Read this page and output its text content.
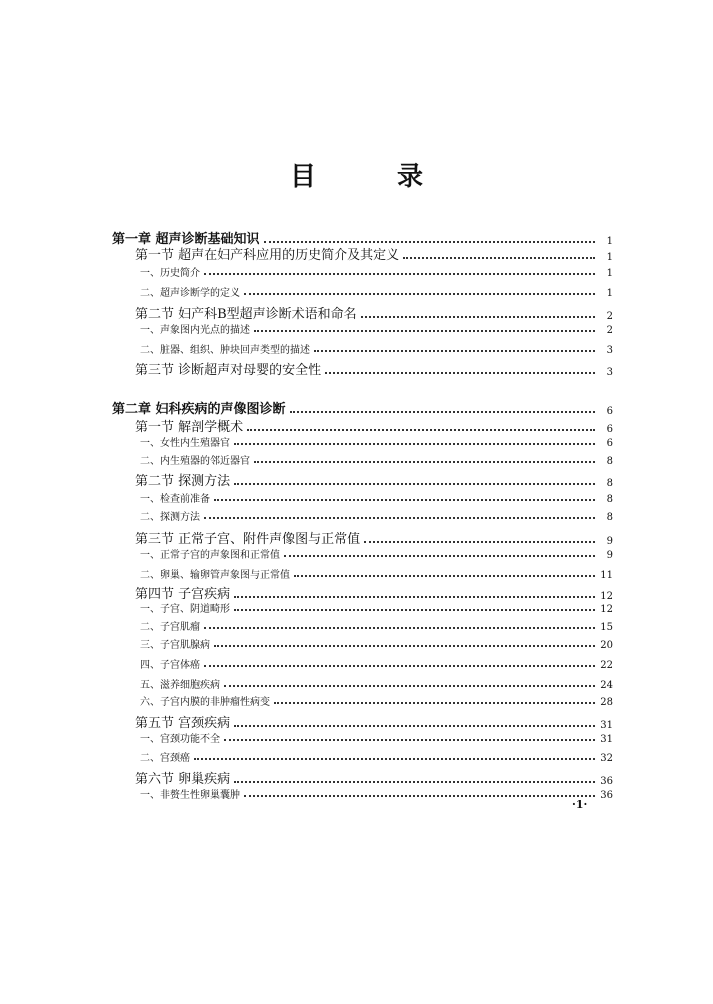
目 录
第一章 超声诊断基础知识	1
第一节 超声在妇产科应用的历史简介及其定义	1
一、历史简介	1
二、超声诊断学的定义	1
第二节 妇产科B型超声诊断术语和命名	2
一、声象图内光点的描述	2
二、脏器、组织、肿块回声类型的描述	3
第三节 诊断超声对母婴的安全性	3
第二章 妇科疾病的声像图诊断	6
第一节 解剖学概术	6
一、女性内生殖器官	6
二、内生殖器的邻近器官	8
第二节 探测方法	8
一、检查前准备	8
二、探测方法	8
第三节 正常子宫、附件声像图与正常值	9
一、正常子宫的声象图和正常值	9
二、卵巢、输卵管声象图与正常值	11
第四节 子宫疾病	12
一、子宫、阴道畸形	12
二、子宫肌瘤	15
三、子宫肌腺病	20
四、子宫体癌	22
五、滋养细胞疾病	24
六、子宫内膜的非肿瘤性病变	28
第五节 宫颈疾病	31
一、宫颈功能不全	31
二、宫颈癌	32
第六节 卵巢疾病	36
一、非赘生性卵巢囊肿	36
·1·
